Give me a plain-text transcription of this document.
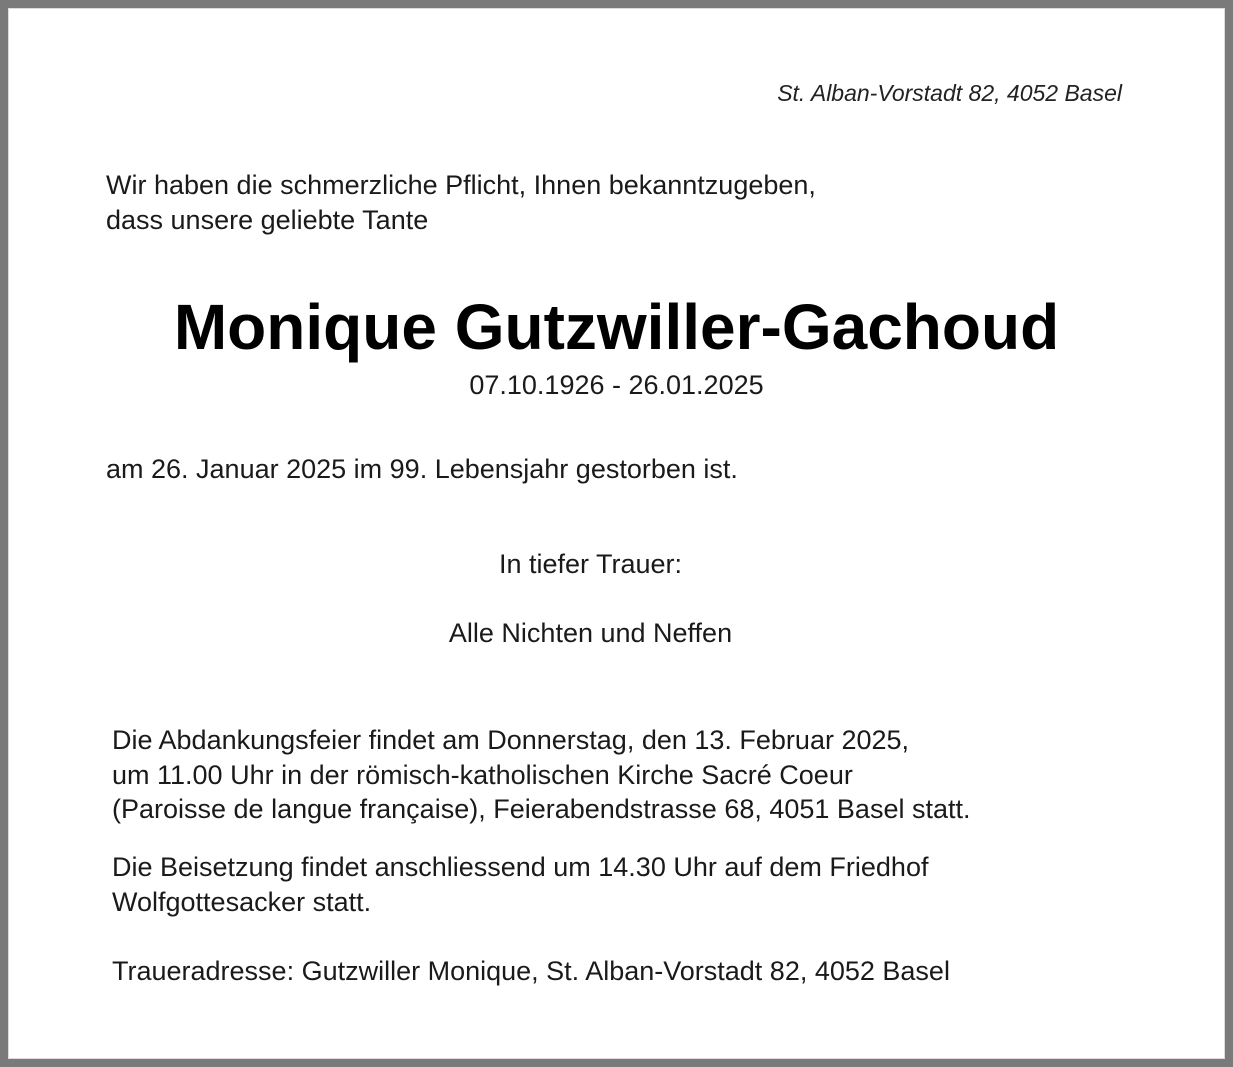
St. Alban-Vorstadt 82, 4052 Basel
Wir haben die schmerzliche Pflicht, Ihnen bekanntzugeben,
dass unsere geliebte Tante
Monique Gutzwiller-Gachoud
07.10.1926 - 26.01.2025
am 26. Januar 2025 im 99. Lebensjahr gestorben ist.
In tiefer Trauer:
Alle Nichten und Neffen
Die Abdankungsfeier findet am Donnerstag, den 13. Februar 2025,
um 11.00 Uhr in der römisch-katholischen Kirche Sacré Coeur
(Paroisse de langue française), Feierabendstrasse 68, 4051 Basel statt.
Die Beisetzung findet anschliessend um 14.30 Uhr auf dem Friedhof
Wolfgottesacker statt.
Traueradresse: Gutzwiller Monique, St. Alban-Vorstadt 82, 4052 Basel
